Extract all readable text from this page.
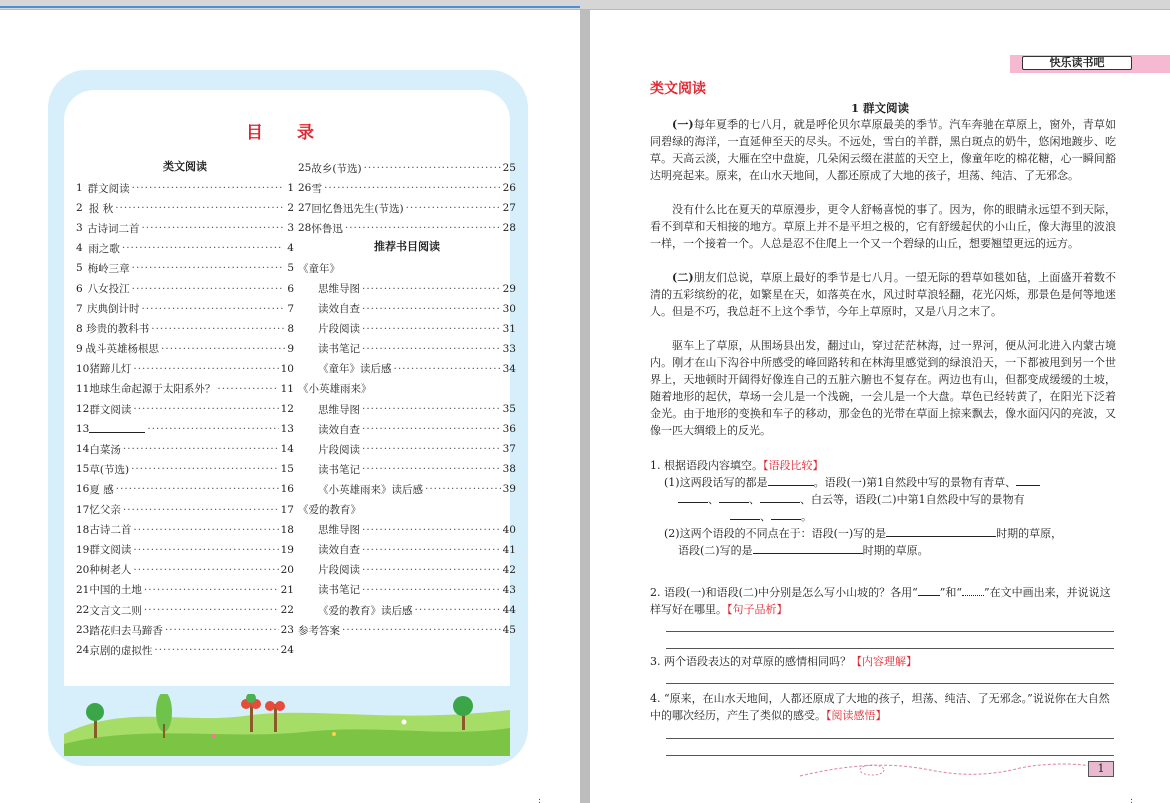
目 录
类文阅读
1 群文阅读 ·····	1
2 报 秋 ·····	2
3 古诗词二首 ·····	3
4 雨之歌 ·····	4
5 梅岭三章 ·····	5
6 八女投江 ·····	6
7 庆典倒计时 ·····	7
8 珍贵的教科书 ·····	8
9 战斗英雄杨根思 ·····	9
10 猪蹄儿灯 ·····	10
11 地球生命起源于太阳系外？ ·····	11
12 群文阅读 ·····	12
13 ·····	13
14 白菜汤 ·····	14
15 草(节选) ·····	15
16 夏 感 ·····	16
17 忆父亲 ·····	17
18 古诗二首 ·····	18
19 群文阅读 ·····	19
20 种树老人 ·····	20
21 中国的土地 ·····	21
22 文言文二则 ·····	22
23 踏花归去马蹄香 ·····	23
24 京剧的虚拟性 ·····	24
25 故乡(节选) ·····	25
26 雪 ·····	26
27 回忆鲁迅先生(节选) ·····	27
28 怀鲁迅 ·····	28
推荐书目阅读
《童年》
思维导图 ·····	29
读效自查 ·····	30
片段阅读 ·····	31
读书笔记 ·····	33
《童年》读后感 ·····	34
《小英雄雨来》
思维导图 ·····	35
读效自查 ·····	36
片段阅读 ·····	37
读书笔记 ·····	38
《小英雄雨来》读后感 ·····	39
《爱的教育》
思维导图 ·····	40
读效自查 ·····	41
片段阅读 ·····	42
读书笔记 ·····	43
《爱的教育》读后感 ·····	44
参考答案 ·····	45
:
快乐读书吧
类文阅读
1 群文阅读
(一)每年夏季的七八月，就是呼伦贝尔草原最美的季节。汽车奔驰在草原上，窗外，青草如同碧绿的海洋，一直延伸至天的尽头。不远处，雪白的羊群，黑白斑点的奶牛，悠闲地踱步、吃草。天高云淡，大雁在空中盘旋，几朵闲云缀在湛蓝的天空上，像童年吃的棉花糖，心一瞬间豁达明亮起来。原来，在山水天地间，人都还原成了大地的孩子，坦荡、纯洁、了无邪念。
没有什么比在夏天的草原漫步，更令人舒畅喜悦的事了。因为，你的眼睛永远望不到天际，看不到草和天相接的地方。草原上并不是平坦之极的，它有舒缓起伏的小山丘，像大海里的波浪一样，一个接着一个。人总是忍不住爬上一个又一个碧绿的山丘，想要翘望更远的远方。
(二)朋友们总说，草原上最好的季节是七八月。一望无际的碧草如毯如毡，上面盛开着数不清的五彩缤纷的花，如繁星在天，如落英在水，风过时草浪轻翻，花光闪烁，那景色是何等地迷人。但是不巧，我总赶不上这个季节，今年上草原时，又是八月之末了。
驱车上了草原，从围场县出发，翻过山，穿过茫茫林海，过一界河，便从河北进入内蒙古境内。刚才在山下沟谷中所感受的峰回路转和在林海里感觉到的绿浪沿天，一下都被甩到另一个世界上，天地顿时开阔得好像连自己的五脏六腑也不复存在。两边也有山，但都变成缓缓的土坡，随着地形的起伏，草场一会儿是一个浅碗，一会儿是一个大盘。草色已经转黄了，在阳光下泛着金光。由于地形的变换和车子的移动，那金色的光带在草面上掠来飘去，像水面闪闪的亮波，又像一匹大绸缎上的反光。
1. 根据语段内容填空。【语段比较】
(1)这两段话写的都是	。语段(一)第1自然段中写的景物有青草、
、	、	、白云等，语段(二)中第1自然段中写的景物有
、	。
(2)这两个语段的不同点在于：语段(一)写的是	时期的草原，
语段(二)写的是	时期的草原。
2. 语段(一)和语段(二)中分别是怎么写小山坡的？各用“ ”和“ ”在文中画出来，并说说这样写好在哪里。【句子品析】
3. 两个语段表达的对草原的感情相同吗？【内容理解】
4. “原来，在山水天地间，人都还原成了大地的孩子，坦荡、纯洁、了无邪念。”说说你在大自然中的哪次经历，产生了类似的感受。【阅读感悟】
1
:
